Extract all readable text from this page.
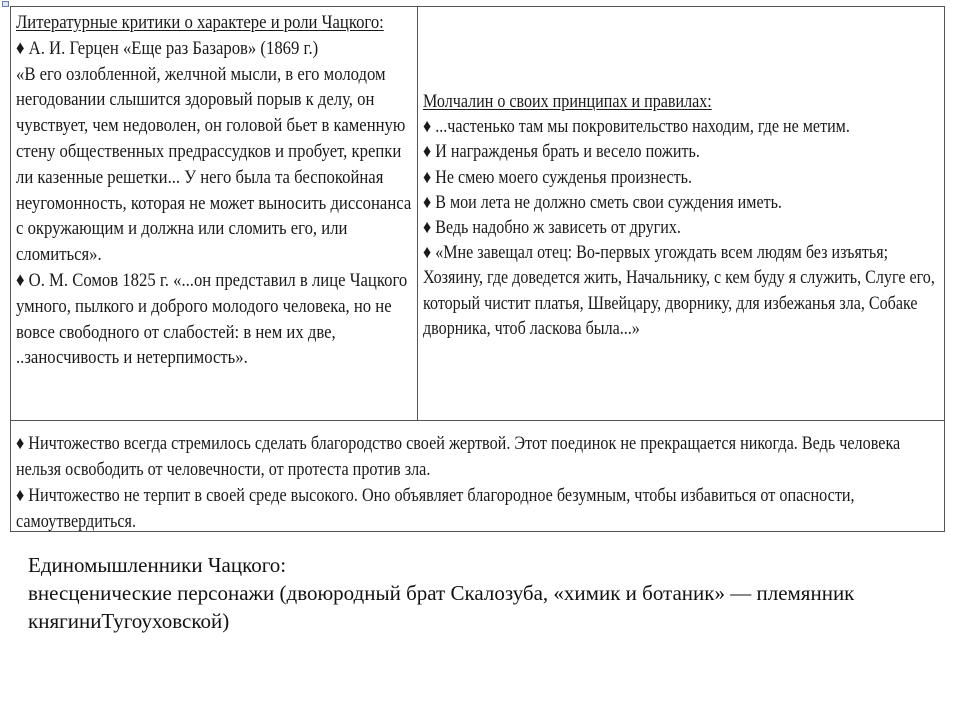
Литературные критики о характере и роли Чацкого:

♦ А. И. Герцен «Еще раз Базаров» (1869 г.)

«В его озлобленной, желчной мысли, в его молодом негодовании слышится здоровый порыв к делу, он чувствует, чем недоволен, он головой бьет в каменную стену общественных предрассудков и пробует, крепки ли казенные решетки... У него была та беспокойная неугомонность, которая не может выносить диссонанса с окружающим и должна или сломить его, или сломиться».

♦ О. М. Сомов 1825 г. «...он представил в лице Чацкого умного, пылкого и доброго молодого человека, но не вовсе свободного от слабостей: в нем их две, ..заносчивость и нетерпимость».

Молчалин о своих принципах и правилах:

♦ ...частенько там мы покровительство находим, где не метим.

♦ И награжденья брать и весело пожить.

♦ Не смею моего сужденья произнесть.

♦ В мои лета не должно сметь свои суждения иметь.

♦ Ведь надобно ж зависеть от других.

♦ «Мне завещал отец: Во-первых угождать всем людям без изъятья; Хозяину, где доведется жить, Начальнику, с кем буду я служить, Слуге его, который чистит платья, Швейцару, дворнику, для избежанья зла, Собаке дворника, чтоб ласкова была...»

♦ Ничтожество всегда стремилось сделать благородство своей жертвой. Этот поединок не прекращается никогда. Ведь человека нельзя освободить от человечности, от протеста против зла.

♦ Ничтожество не терпит в своей среде высокого. Оно объявляет благородное безумным, чтобы избавиться от опасности, самоутвердиться.

Единомышленники Чацкого:

внесценические персонажи (двоюродный брат Скалозуба, «химик и ботаник» — племянник княгиниТугоуховской)
